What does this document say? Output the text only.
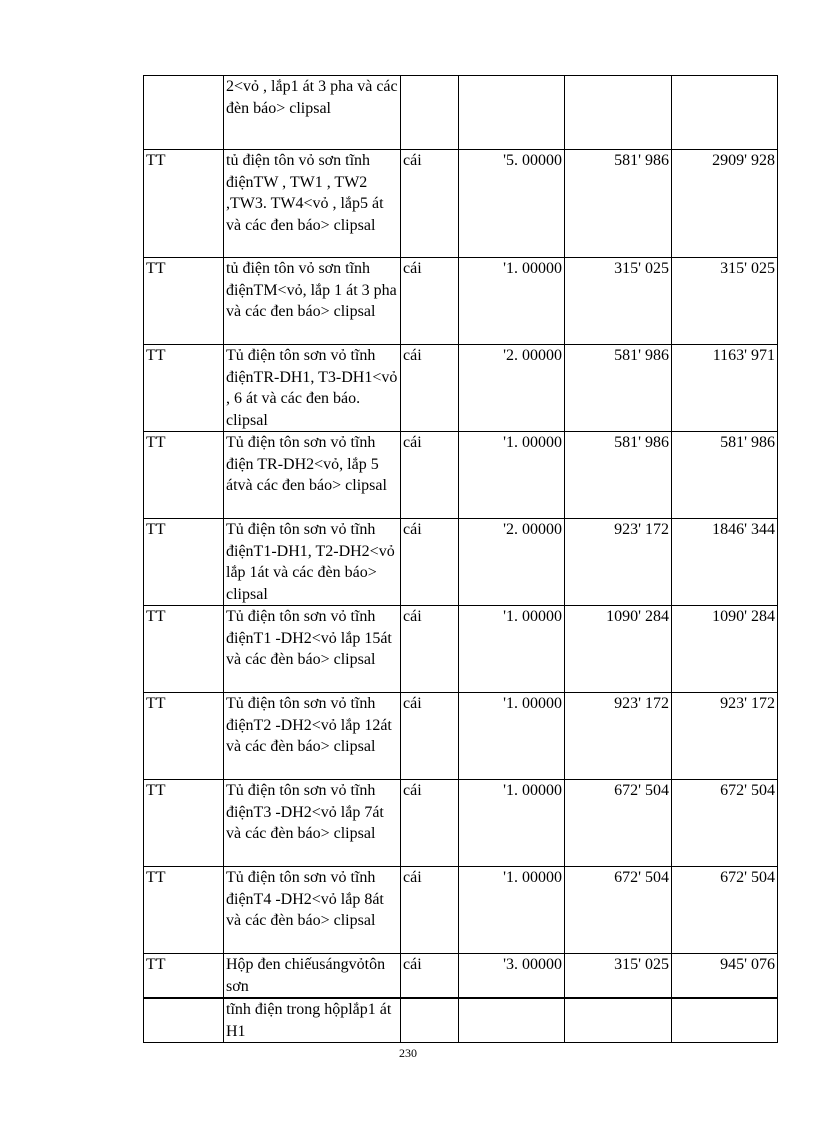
	2<vỏ , lắp1 át 3 pha và các đèn báo> clipsal				
TT	tủ điện tôn vỏ sơn tĩnh điệnTW , TW1 , TW2 ,TW3. TW4<vỏ , lắp5 át và các đen báo> clipsal	cái	'5. 00000	581' 986	2909' 928
TT	tủ điện tôn vỏ sơn tĩnh điệnTM<vỏ, lắp 1 át 3 pha và các đen báo> clipsal	cái	'1. 00000	315' 025	315' 025
TT	Tủ điện tôn sơn vỏ tĩnh điệnTR-DH1, T3-DH1<vỏ , 6 át và các đen báo. clipsal	cái	'2. 00000	581' 986	1163' 971
TT	Tủ điện tôn sơn vỏ tĩnh điện TR-DH2<vỏ, lắp 5 átvà các đen báo> clipsal	cái	'1. 00000	581' 986	581' 986
TT	Tủ điện tôn sơn vỏ tĩnh điệnT1-DH1, T2-DH2<vỏ lắp 1át và các đèn báo> clipsal	cái	'2. 00000	923' 172	1846' 344
TT	Tủ điện tôn sơn vỏ tĩnh điệnT1 -DH2<vỏ lắp 15át và các đèn báo> clipsal	cái	'1. 00000	1090' 284	1090' 284
TT	Tủ điện tôn sơn vỏ tĩnh điệnT2 -DH2<vỏ lắp 12át và các đèn báo> clipsal	cái	'1. 00000	923' 172	923' 172
TT	Tủ điện tôn sơn vỏ tĩnh điệnT3 -DH2<vỏ lắp 7át và các đèn báo> clipsal	cái	'1. 00000	672' 504	672' 504
TT	Tủ điện tôn sơn vỏ tĩnh điệnT4 -DH2<vỏ lắp 8át và các đèn báo> clipsal	cái	'1. 00000	672' 504	672' 504
TT	Hộp đen chiếusángvỏtôn sơn	cái	'3. 00000	315' 025	945' 076
	tĩnh điện trong hộplắp1 át H1				
230
